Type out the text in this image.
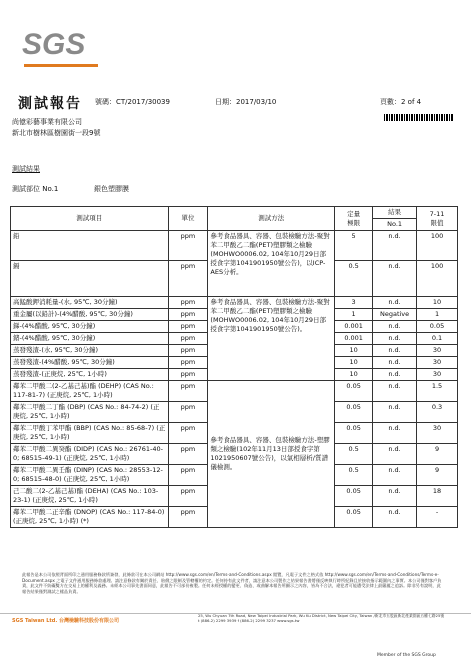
SGS
測試報告 號碼：CT/2017/30039	日期：2017/03/10	頁數：2 of 4
尚億彩藝事業有限公司
新北市樹林區樹園街一段9號
測試結果
測試部位 No.1	銀色塑膠膜
測試項目	單位	測試方法	定量
極限	結果	7-11
限值
				No.1	
鉛	ppm	參考食品器具、容器、包裝檢驗方法-聚對苯二甲酸乙二酯(PET)塑膠類之檢驗(MOHWO0006.02, 104年10月29日部授食字第1041901950號公告)，以ICP-AES分析。	5	n.d.	100
鎘	ppm		0.5	n.d.	100
高錳酸鉀消耗量-(水, 95℃, 30分鐘)	ppm	參考食品器具、容器、包裝檢驗方法-聚對苯二甲酸乙二酯(PET)塑膠類之檢驗(MOHWO0006.02, 104年10月29日部授食字第1041901950號公告)。	3	n.d.	10
重金屬(以鉛計)-(4%醋酸, 95℃, 30分鐘)	ppm		1	Negative	1
銻-(4%醋酸, 95℃, 30分鐘)	ppm		0.001	n.d.	0.05
鍺-(4%醋酸, 95℃, 30分鐘)	ppm		0.001	n.d.	0.1
蒸發殘渣-(水, 95℃, 30分鐘)	ppm		10	n.d.	30
蒸發殘渣-(4%醋酸, 95℃, 30分鐘)	ppm		10	n.d.	30
蒸發殘渣-(正庚烷, 25℃, 1小時)	ppm		10	n.d.	30
鄰苯二甲酸二(2-乙基己基)酯 (DEHP) (CAS No.: 117-81-7) (正庚烷, 25℃, 1小時)	ppm	參考食品器具、容器、包裝檢驗方法-塑膠類之檢驗(102年11月13日部授食字第1021950607號公告)，以氣相層析/質譜儀檢測。	0.05	n.d.	1.5
鄰苯二甲酸二丁酯 (DBP) (CAS No.: 84-74-2) (正庚烷, 25℃, 1小時)	ppm		0.05	n.d.	0.3
鄰苯二甲酸丁苯甲酯 (BBP) (CAS No.: 85-68-7) (正庚烷, 25℃, 1小時)	ppm		0.05	n.d.	30
鄰苯二甲酸二異癸酯 (DIDP) (CAS No.: 26761-40-0; 68515-49-1) (正庚烷, 25℃, 1小時)	ppm		0.5	n.d.	9
鄰苯二甲酸二異壬酯 (DINP) (CAS No.: 28553-12-0; 68515-48-0) (正庚烷, 25℃, 1小時)	ppm		0.5	n.d.	9
己二酸二(2-乙基己基)酯 (DEHA) (CAS No.: 103-23-1) (正庚烷, 25℃, 1小時)	ppm		0.05	n.d.	18
鄰苯二甲酸二正辛酯 (DNOP) (CAS No.: 117-84-0) (正庚烷, 25℃, 1小時) (*)	ppm		0.05	n.d.	-
此報告是本公司依照背面所印之通用服務條款所簽發，此條款可在本公司網站 http://www.sgs.com/en/Terms-and-Conditions.aspx 閱覽，凡電子文件之格式依 http://www.sgs.com/en/Terms-and-Conditions/Terms-e-Document.aspx 之電子文件通用服務條款處理。請注意條款有關於責任、賠償之限制及管轄權的約定。任何持有此文件者，請注意本公司製作之結果報告書將僅反映執行時所紀錄且於接收指示範圍內之事實。本公司僅對客戶負責，此文件不妨礙雙方在交易上的權利及義務。未經本公司事先書面同意，此報告不可部份複製。任何未經授權的變更、偽造、或曲解本報告所顯示之內容，皆為不合法，違犯者可能遭受法律上最嚴厲之追訴。除非另有說明，此報告結果僅對測試之樣品負責。
SGS Taiwan Ltd. 台灣檢驗科技股份有限公司
25, Wu Chyuan 7th Road, New Taipei Industrial Park, Wu Ku District, New Taipei City, Taiwan /新北市五股區新北產業園區五權七路25號
t (886-2) 2299 3939 f (886-2) 2299 3237 www.sgs.tw
Member of the SGS Group
